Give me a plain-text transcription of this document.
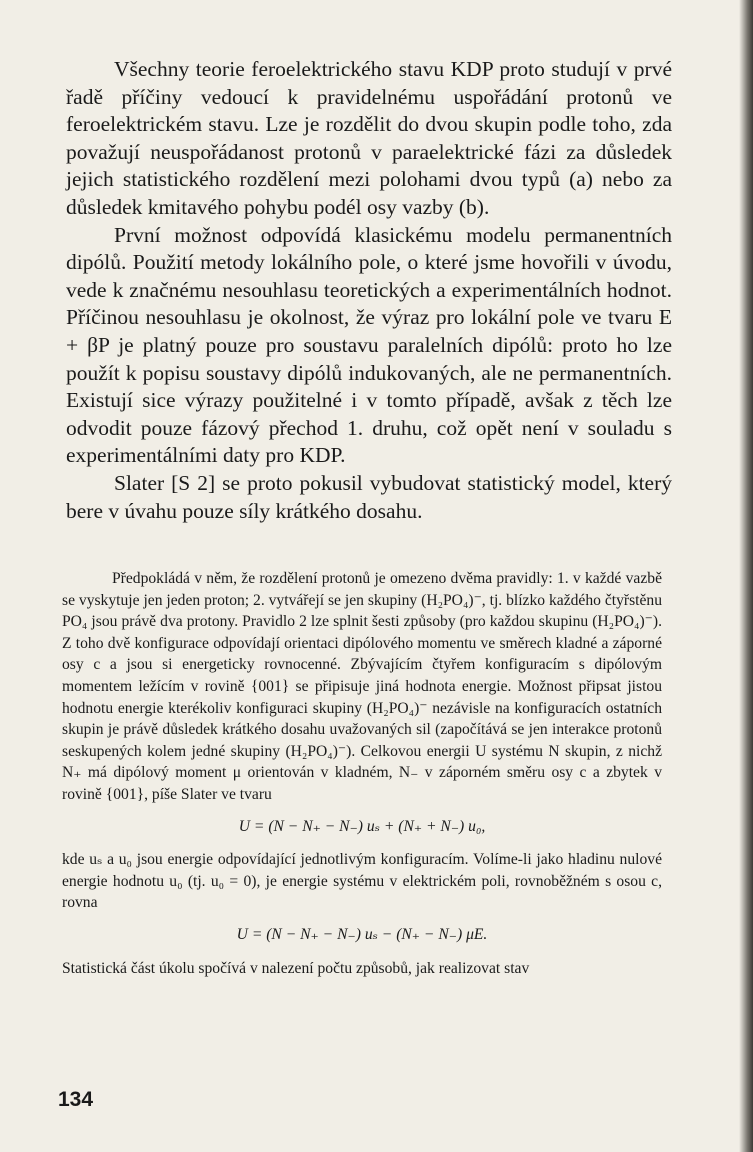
Všechny teorie feroelektrického stavu KDP proto studují v prvé řadě příčiny vedoucí k pravidelnému uspořádání protonů ve feroelektrickém stavu. Lze je rozdělit do dvou skupin podle toho, zda považují neuspořádanost protonů v paraelektrické fázi za důsledek jejich statistického rozdělení mezi polohami dvou typů (a) nebo za důsledek kmitavého pohybu podél osy vazby (b).

První možnost odpovídá klasickému modelu permanentních dipólů. Použití metody lokálního pole, o které jsme hovořili v úvodu, vede k značnému nesouhlasu teoretických a experimentálních hodnot. Příčinou nesouhlasu je okolnost, že výraz pro lokální pole ve tvaru E + βP je platný pouze pro soustavu paralelních dipólů: proto ho lze použít k popisu soustavy dipólů indukovaných, ale ne permanentních. Existují sice výrazy použitelné i v tomto případě, avšak z těch lze odvodit pouze fázový přechod 1. druhu, což opět není v souladu s experimentálními daty pro KDP.

Slater [S 2] se proto pokusil vybudovat statistický model, který bere v úvahu pouze síly krátkého dosahu.

Předpokládá v něm, že rozdělení protonů je omezeno dvěma pravidly: 1. v každé vazbě se vyskytuje jen jeden proton; 2. vytvářejí se jen skupiny (H₂PO₄)⁻, tj. blízko každého čtyřstěnu PO₄ jsou právě dva protony. Pravidlo 2 lze splnit šesti způsoby (pro každou skupinu (H₂PO₄)⁻). Z toho dvě konfigurace odpovídají orientaci dipólového momentu ve směrech kladné a záporné osy c a jsou si energeticky rovnocenné. Zbývajícím čtyřem konfiguracím s dipólovým momentem ležícím v rovině {001} se připisuje jiná hodnota energie. Možnost připsat jistou hodnotu energie kterékoliv konfiguraci skupiny (H₂PO₄)⁻ nezávisle na konfiguracích ostatních skupin je právě důsledek krátkého dosahu uvažovaných sil (započítává se jen interakce protonů seskupených kolem jedné skupiny (H₂PO₄)⁻). Celkovou energii U systému N skupin, z nichž N₊ má dipólový moment μ orientován v kladném, N₋ v záporném směru osy c a zbytek v rovině {001}, píše Slater ve tvaru

U = (N − N₊ − N₋) uₛ + (N₊ + N₋) u₀,

kde uₛ a u₀ jsou energie odpovídající jednotlivým konfiguracím. Volíme-li jako hladinu nulové energie hodnotu u₀ (tj. u₀ = 0), je energie systému v elektrickém poli, rovnoběžném s osou c, rovna

U = (N − N₊ − N₋) uₛ − (N₊ − N₋) μE.

Statistická část úkolu spočívá v nalezení počtu způsobů, jak realizovat stav

134
